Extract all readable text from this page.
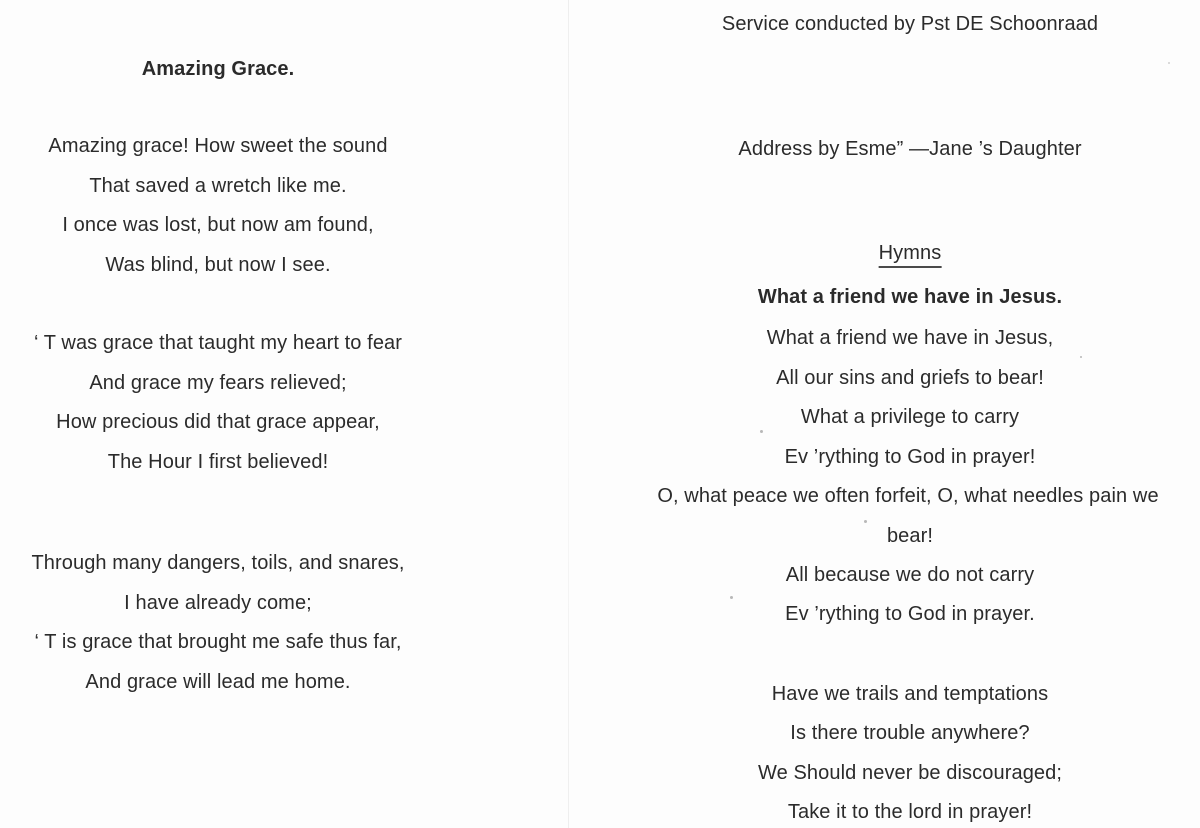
Amazing Grace.
Amazing grace! How sweet the sound
That saved a wretch like me.
I once was lost, but now am found,
Was blind, but now I see.
‘ T was grace that taught my heart to fear
And grace my fears relieved;
How precious did that grace appear,
The Hour I first believed!
Through many dangers, toils, and snares,
I have already come;
‘ T is grace that brought me safe thus far,
And grace will lead me home.
Service conducted by Pst DE Schoonraad
Address by Esme” —Jane ’s Daughter
Hymns
What a friend we have in Jesus.
What a friend we have in Jesus,
All our sins and griefs to bear!
What a privilege to carry
Ev ’rything to God in prayer!
O, what peace we often forfeit, O, what needles pain we
bear!
All because we do not carry
Ev ’rything to God in prayer.
Have we trails and temptations
Is there trouble anywhere?
We Should never be discouraged;
Take it to the lord in prayer!
